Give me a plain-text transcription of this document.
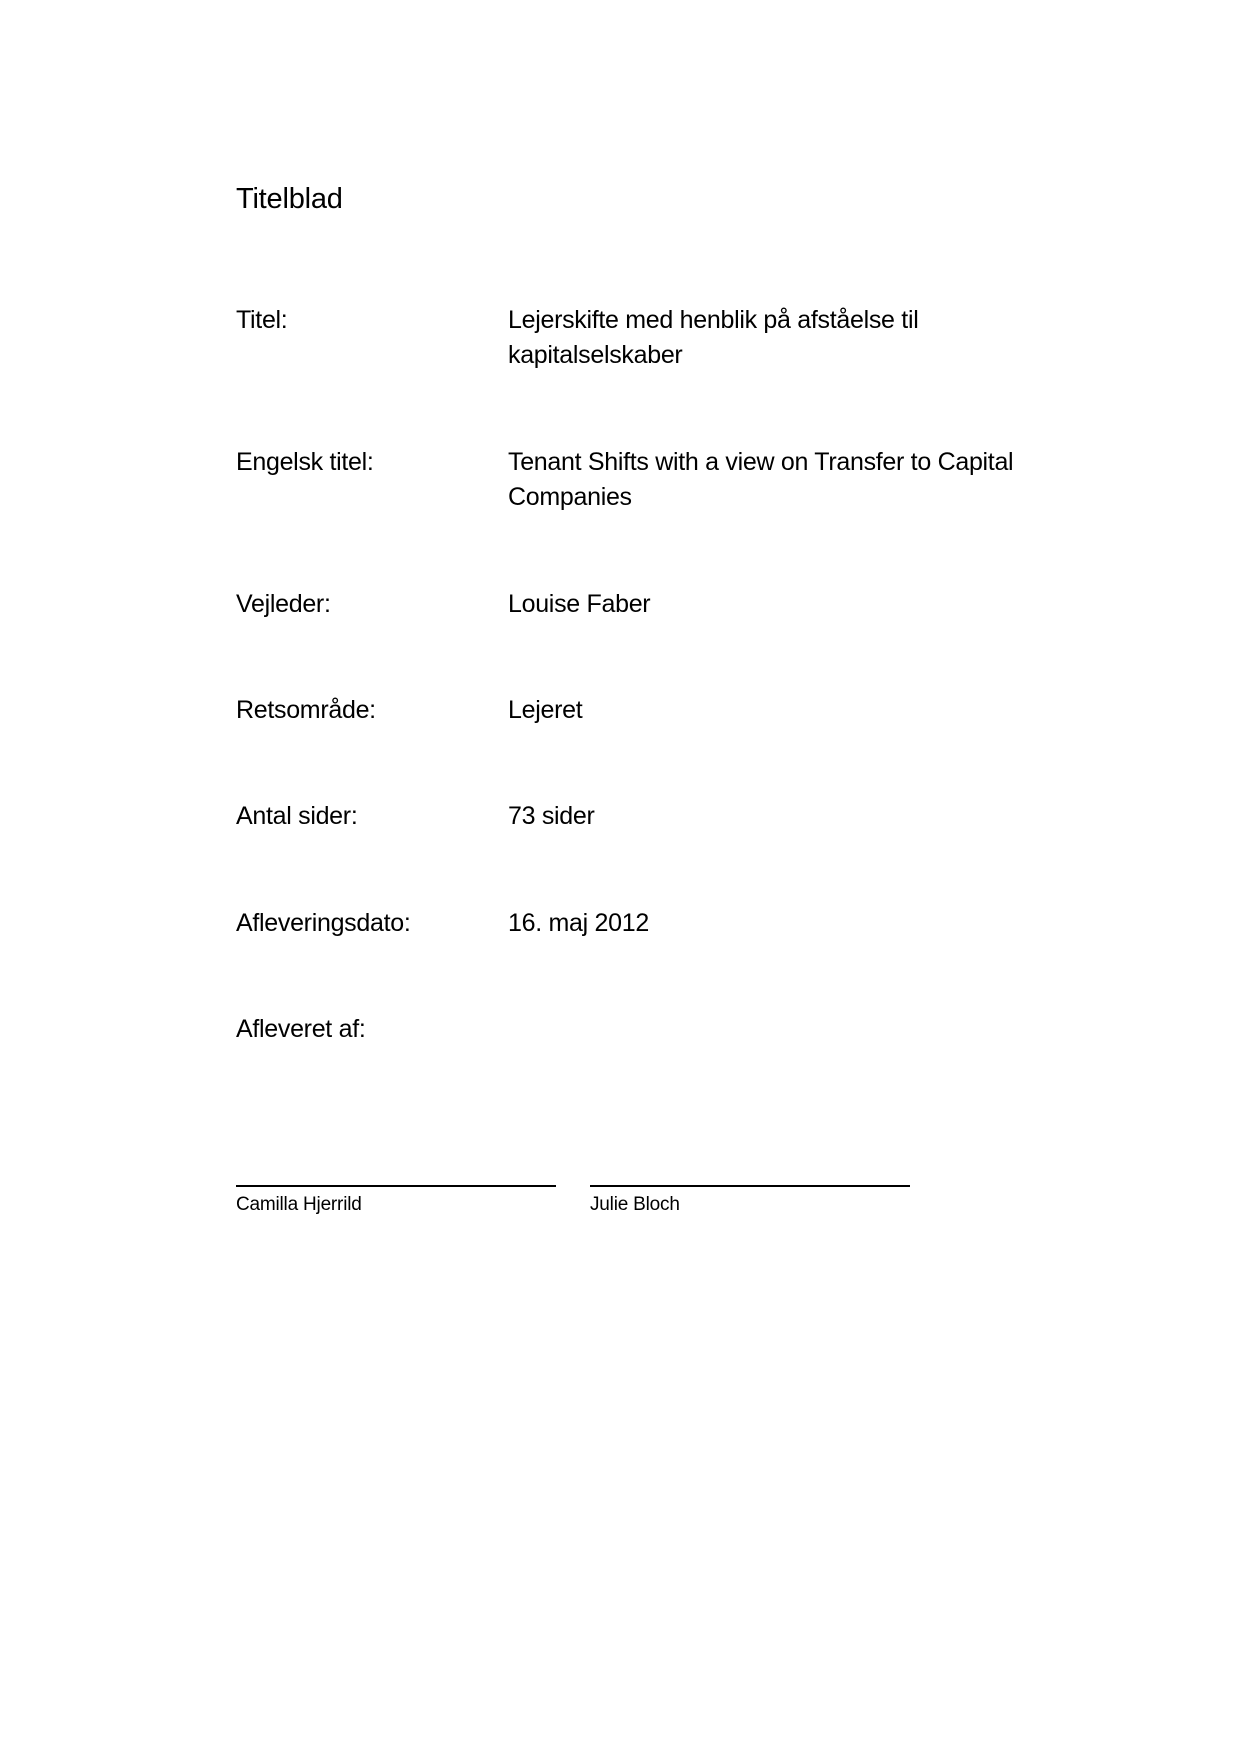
Titelblad
Titel:	Lejerskifte med henblik på afståelse til kapitalselskaber
Engelsk titel:	Tenant Shifts with a view on Transfer to Capital Companies
Vejleder:	Louise Faber
Retsområde:	Lejeret
Antal sider:	73 sider
Afleveringsdato:	16. maj 2012
Afleveret af:
Camilla Hjerrild	Julie Bloch
